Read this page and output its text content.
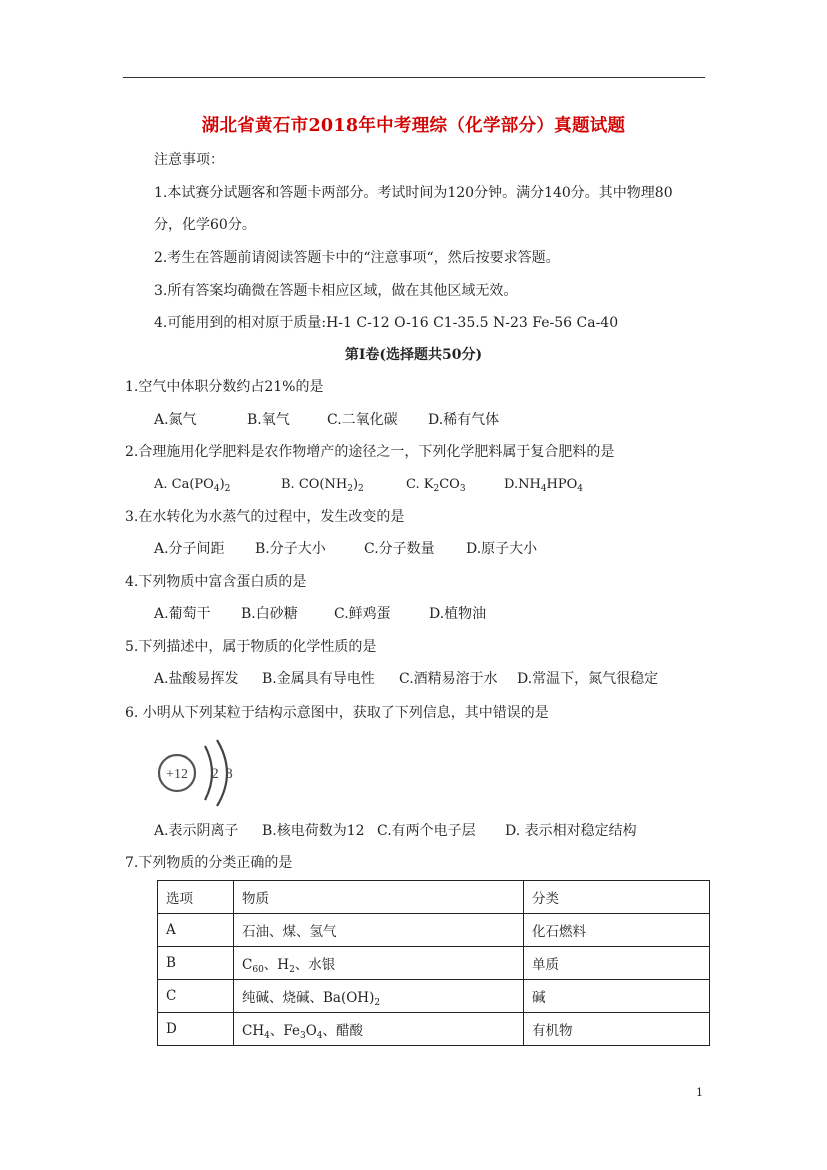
湖北省黄石市2018年中考理综（化学部分）真题试题
注意事项：
1.本试赛分试题客和答题卡两部分。考试时间为120分钟。满分140分。其中物理80
分，化学60分。
2.考生在答题前请阅读答题卡中的“注意事项“，然后按要求答题。
3.所有答案均确微在答题卡相应区域，做在其他区域无效。
4.可能用到的相对原于质量:H-1 C-12 O-16 C1-35.5 N-23 Fe-56 Ca-40
第I卷(选择题共50分)
1.空气中体职分数约占21%的是
A.氮气	B.氧气	C.二氧化碳 D.稀有气体
2.合理施用化学肥料是农作物增产的途径之一，下列化学肥料属于复合肥料的是
A. $Ca(PO_4)_2$	B. $CO(NH_2)_2$	C. $K_2CO_3$	$D.NH_4HPO_4$
3.在水转化为水蒸气的过程中，发生改变的是
A.分子间距 B.分子大小	C.分子数量 D.原子大小
4.下列物质中富含蛋白质的是
A.葡萄干 B.白砂糖	C.鲜鸡蛋	D.植物油
5.下列描述中，属于物质的化学性质的是
A.盐酸易挥发 B.金属具有导电性 C.酒精易溶于水 D.常温下，氮气很稳定
6. 小明从下列某粒于结构示意图中，获取了下列信息，其中错误的是
+12 2 8
A.表示阴离子 B.核电荷数为12 C.有两个电子层 D. 表示相对稳定结构
7.下列物质的分类正确的是
选项	物质	分类
A	石油、煤、氢气	化石燃料
B	$C_{60}$、$H_2$、水银	单质
C	纯碱、烧碱、$Ba(OH)_2$	碱
D	$CH_4$、$Fe_3O_4$、醋酸	有机物
1
